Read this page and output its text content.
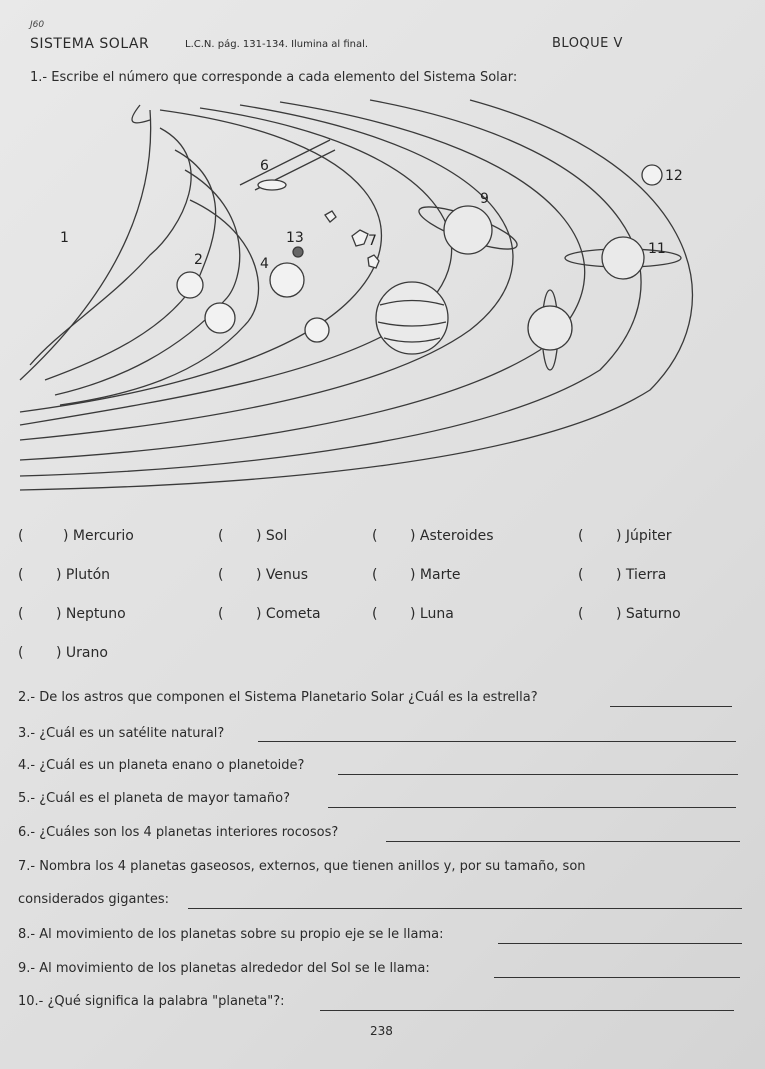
J60
SISTEMA SOLAR	L.C.N. pág. 131-134. Ilumina al final.	BLOQUE V
1.- Escribe el número que corresponde a cada elemento del Sistema Solar:
6
12
9
1	13	7	11
2	4
(	) Mercurio	( ) Sol	( ) Asteroides	( ) Júpiter
( ) Plutón	( ) Venus	( ) Marte	( ) Tierra
( ) Neptuno	( ) Cometa	( ) Luna	( ) Saturno
( ) Urano
2.- De los astros que componen el Sistema Planetario Solar ¿Cuál es la estrella?
3.- ¿Cuál es un satélite natural?
4.- ¿Cuál es un planeta enano o planetoide?
5.- ¿Cuál es el planeta de mayor tamaño?
6.- ¿Cuáles son los 4 planetas interiores rocosos?
7.- Nombra los 4 planetas gaseosos, externos, que tienen anillos y, por su tamaño, son
considerados gigantes:
8.- Al movimiento de los planetas sobre su propio eje se le llama:
9.- Al movimiento de los planetas alrededor del Sol se le llama:
10.- ¿Qué significa la palabra "planeta"?:
238
